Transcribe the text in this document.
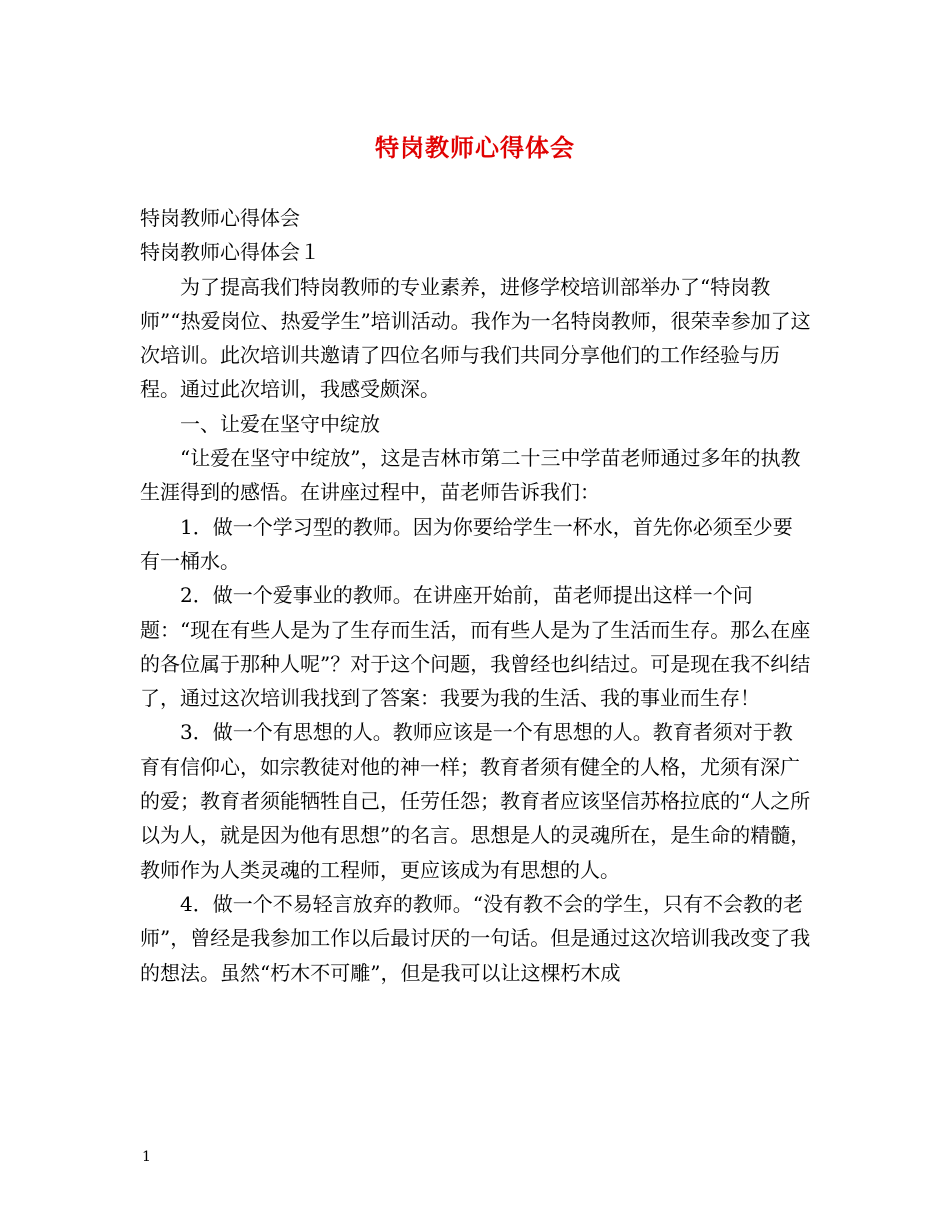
特岗教师心得体会

特岗教师心得体会

特岗教师心得体会１

为了提高我们特岗教师的专业素养，进修学校培训部举办了“特岗教师”“热爱岗位、热爱学生”培训活动。我作为一名特岗教师，很荣幸参加了这次培训。此次培训共邀请了四位名师与我们共同分享他们的工作经验与历程。通过此次培训，我感受颇深。

一、让爱在坚守中绽放

“让爱在坚守中绽放”，这是吉林市第二十三中学苗老师通过多年的执教生涯得到的感悟。在讲座过程中，苗老师告诉我们：

1．做一个学习型的教师。因为你要给学生一杯水，首先你必须至少要有一桶水。

2．做一个爱事业的教师。在讲座开始前，苗老师提出这样一个问题：“现在有些人是为了生存而生活，而有些人是为了生活而生存。那么在座的各位属于那种人呢”？对于这个问题，我曾经也纠结过。可是现在我不纠结了，通过这次培训我找到了答案：我要为我的生活、我的事业而生存！

3．做一个有思想的人。教师应该是一个有思想的人。教育者须对于教育有信仰心，如宗教徒对他的神一样；教育者须有健全的人格，尤须有深广的爱；教育者须能牺牲自己，任劳任怨；教育者应该坚信苏格拉底的“人之所以为人，就是因为他有思想”的名言。思想是人的灵魂所在，是生命的精髓，教师作为人类灵魂的工程师，更应该成为有思想的人。

4．做一个不易轻言放弃的教师。“没有教不会的学生，只有不会教的老师”，曾经是我参加工作以后最讨厌的一句话。但是通过这次培训我改变了我的想法。虽然“朽木不可雕”，但是我可以让这棵朽木成

1
